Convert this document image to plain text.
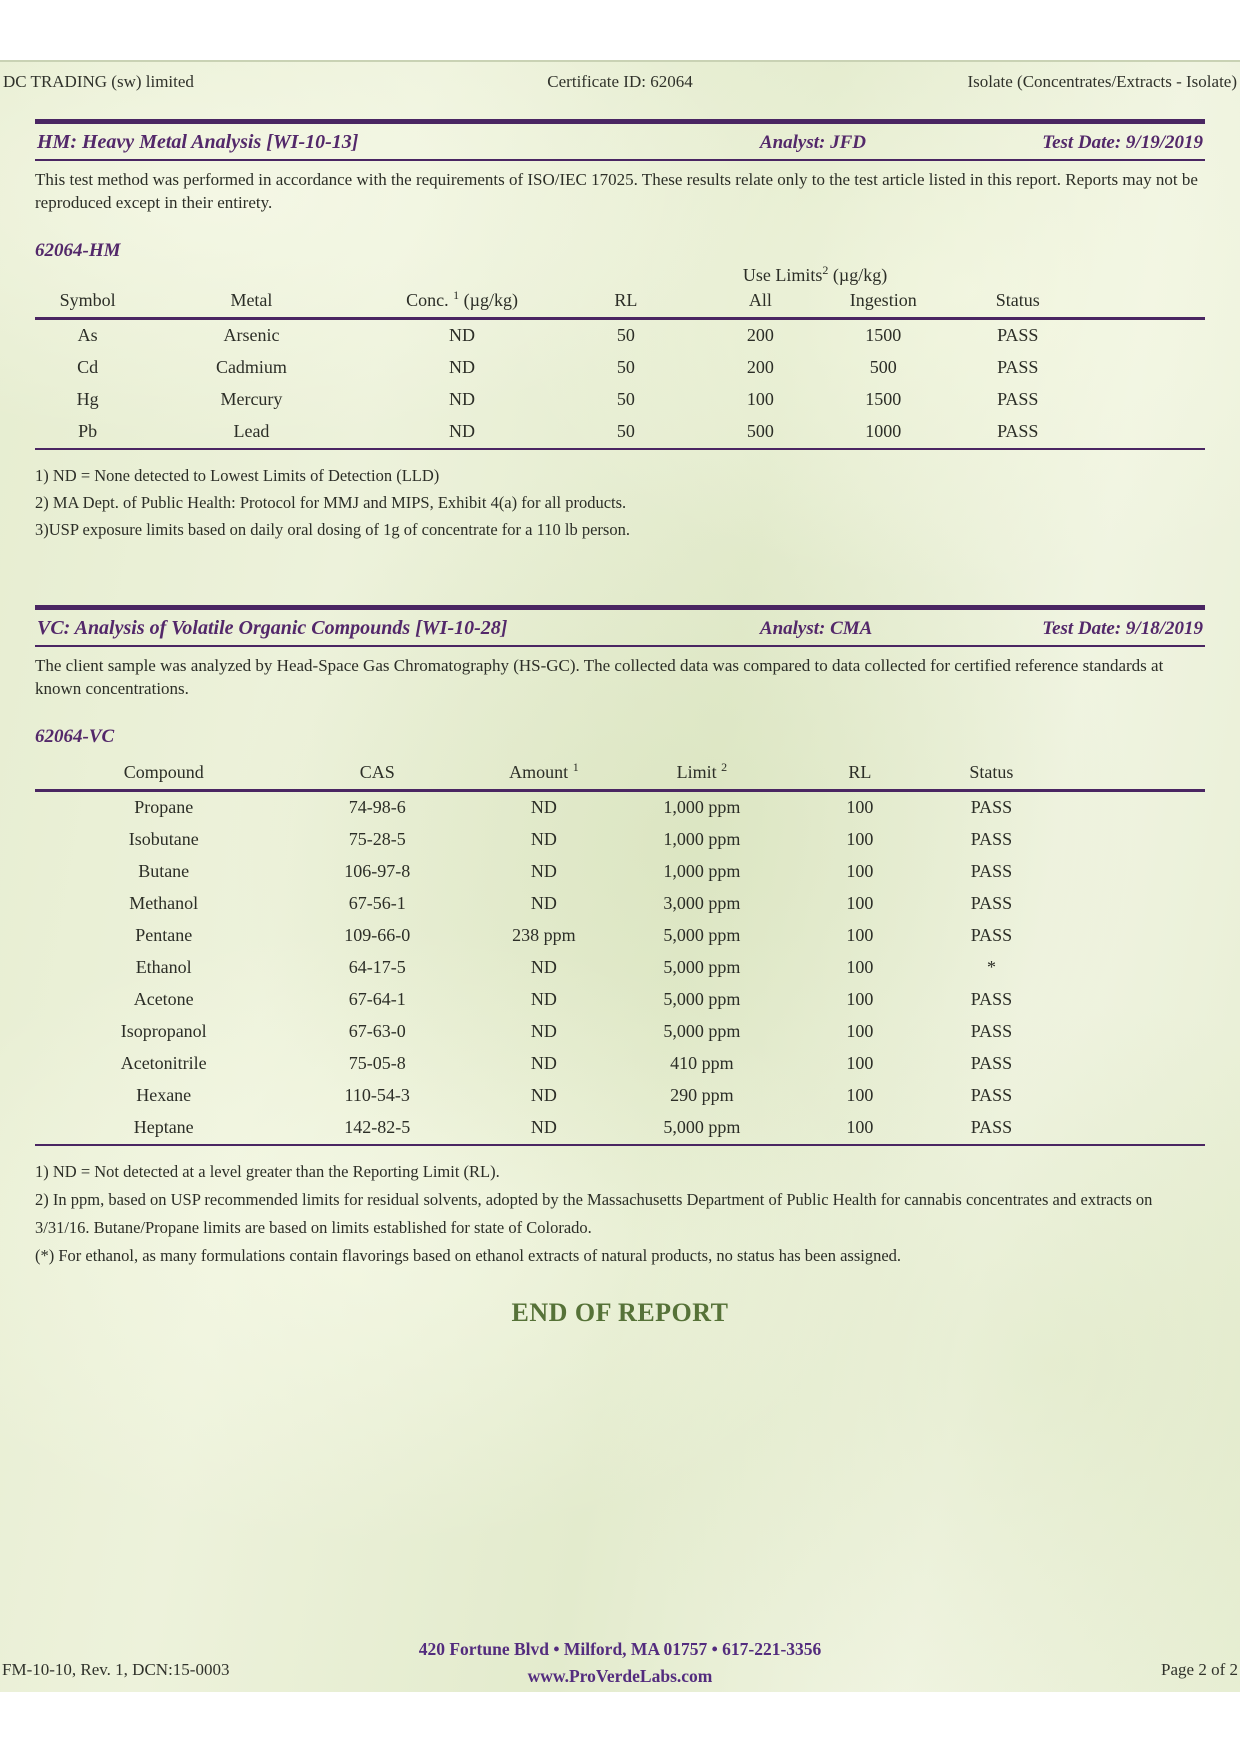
DC TRADING (sw) limited	Certificate ID: 62064	Isolate (Concentrates/Extracts - Isolate)
HM: Heavy Metal Analysis [WI-10-13]	Analyst: JFD	Test Date: 9/19/2019
This test method was performed in accordance with the requirements of ISO/IEC 17025. These results relate only to the test article listed in this report. Reports may not be reproduced except in their entirety.
62064-HM
Use Limits$^2$ (µg/kg)
Symbol	Metal	Conc. $^1$ (µg/kg)	RL	All	Ingestion	Status	
As	Arsenic	ND	50	200	1500	PASS	
Cd	Cadmium	ND	50	200	500	PASS	
Hg	Mercury	ND	50	100	1500	PASS	
Pb	Lead	ND	50	500	1000	PASS	
1) ND = None detected to Lowest Limits of Detection (LLD)
2) MA Dept. of Public Health: Protocol for MMJ and MIPS, Exhibit 4(a) for all products.
3)USP exposure limits based on daily oral dosing of 1g of concentrate for a 110 lb person.
VC: Analysis of Volatile Organic Compounds [WI-10-28]	Analyst: CMA	Test Date: 9/18/2019
The client sample was analyzed by Head-Space Gas Chromatography (HS-GC). The collected data was compared to data collected for certified reference standards at known concentrations.
62064-VC
Compound	CAS	Amount $^1$	Limit $^2$	RL	Status	
Propane	74-98-6	ND	1,000 ppm	100	PASS	
Isobutane	75-28-5	ND	1,000 ppm	100	PASS	
Butane	106-97-8	ND	1,000 ppm	100	PASS	
Methanol	67-56-1	ND	3,000 ppm	100	PASS	
Pentane	109-66-0	238 ppm	5,000 ppm	100	PASS	
Ethanol	64-17-5	ND	5,000 ppm	100	*	
Acetone	67-64-1	ND	5,000 ppm	100	PASS	
Isopropanol	67-63-0	ND	5,000 ppm	100	PASS	
Acetonitrile	75-05-8	ND	410 ppm	100	PASS	
Hexane	110-54-3	ND	290 ppm	100	PASS	
Heptane	142-82-5	ND	5,000 ppm	100	PASS	
1) ND = Not detected at a level greater than the Reporting Limit (RL).
2) In ppm, based on USP recommended limits for residual solvents, adopted by the Massachusetts Department of Public Health for cannabis concentrates and extracts on 3/31/16. Butane/Propane limits are based on limits established for state of Colorado.
(*) For ethanol, as many formulations contain flavorings based on ethanol extracts of natural products, no status has been assigned.
END OF REPORT
420 Fortune Blvd • Milford, MA 01757 • 617-221-3356
www.ProVerdeLabs.com
FM-10-10, Rev. 1, DCN:15-0003	Page 2 of 2
